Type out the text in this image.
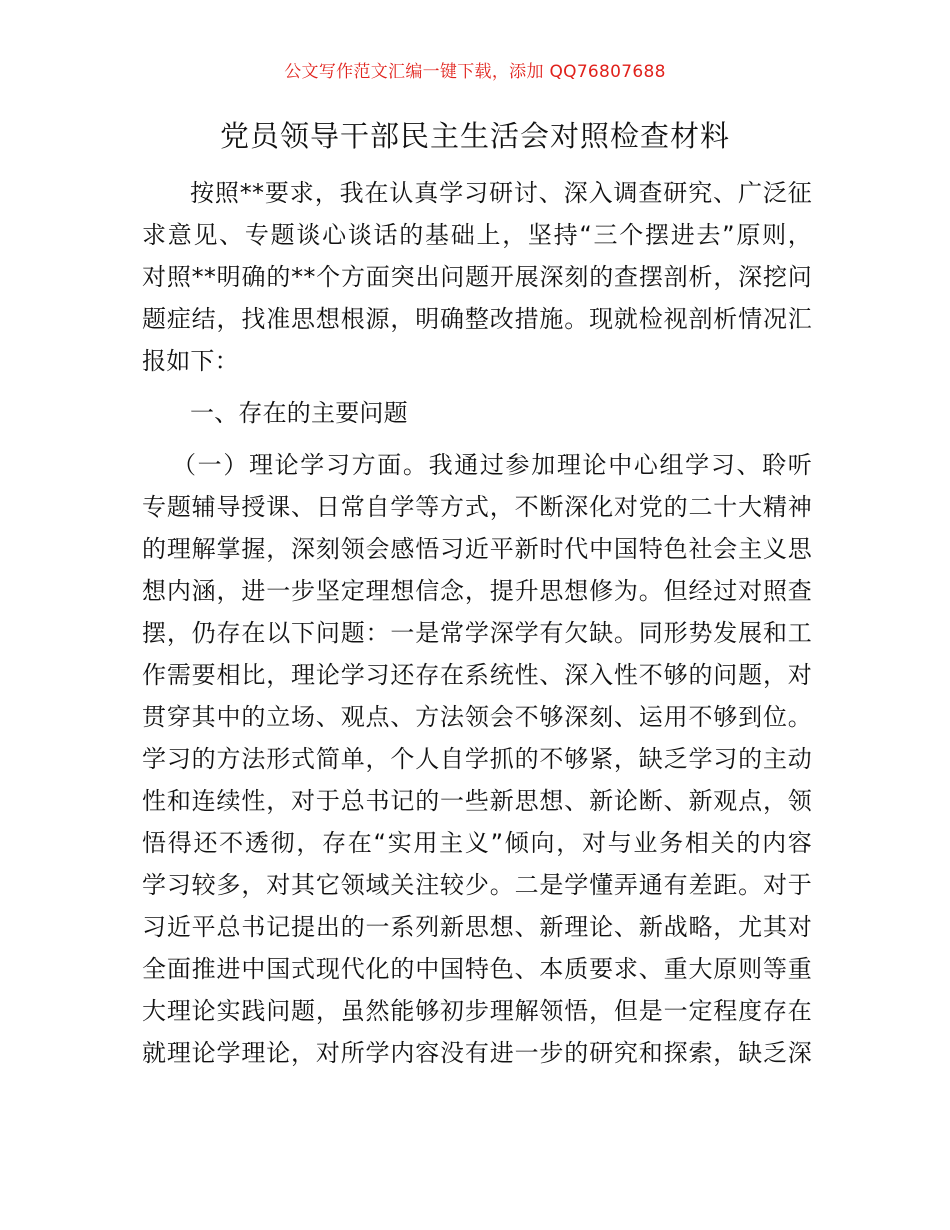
公文写作范文汇编一键下载，添加 QQ76807688
党员领导干部民主生活会对照检查材料
按照**要求，我在认真学习研讨、深入调查研究、广泛征
求意见、专题谈心谈话的基础上，坚持“三个摆进去”原则，
对照**明确的**个方面突出问题开展深刻的查摆剖析，深挖问
题症结，找准思想根源，明确整改措施。现就检视剖析情况汇
报如下：
一、存在的主要问题
（一）理论学习方面。我通过参加理论中心组学习、聆听
专题辅导授课、日常自学等方式，不断深化对党的二十大精神
的理解掌握，深刻领会感悟习近平新时代中国特色社会主义思
想内涵，进一步坚定理想信念，提升思想修为。但经过对照查
摆，仍存在以下问题：一是常学深学有欠缺。同形势发展和工
作需要相比，理论学习还存在系统性、深入性不够的问题，对
贯穿其中的立场、观点、方法领会不够深刻、运用不够到位。
学习的方法形式简单，个人自学抓的不够紧，缺乏学习的主动
性和连续性，对于总书记的一些新思想、新论断、新观点，领
悟得还不透彻，存在“实用主义”倾向，对与业务相关的内容
学习较多，对其它领域关注较少。二是学懂弄通有差距。对于
习近平总书记提出的一系列新思想、新理论、新战略，尤其对
全面推进中国式现代化的中国特色、本质要求、重大原则等重
大理论实践问题，虽然能够初步理解领悟，但是一定程度存在
就理论学理论，对所学内容没有进一步的研究和探索，缺乏深
